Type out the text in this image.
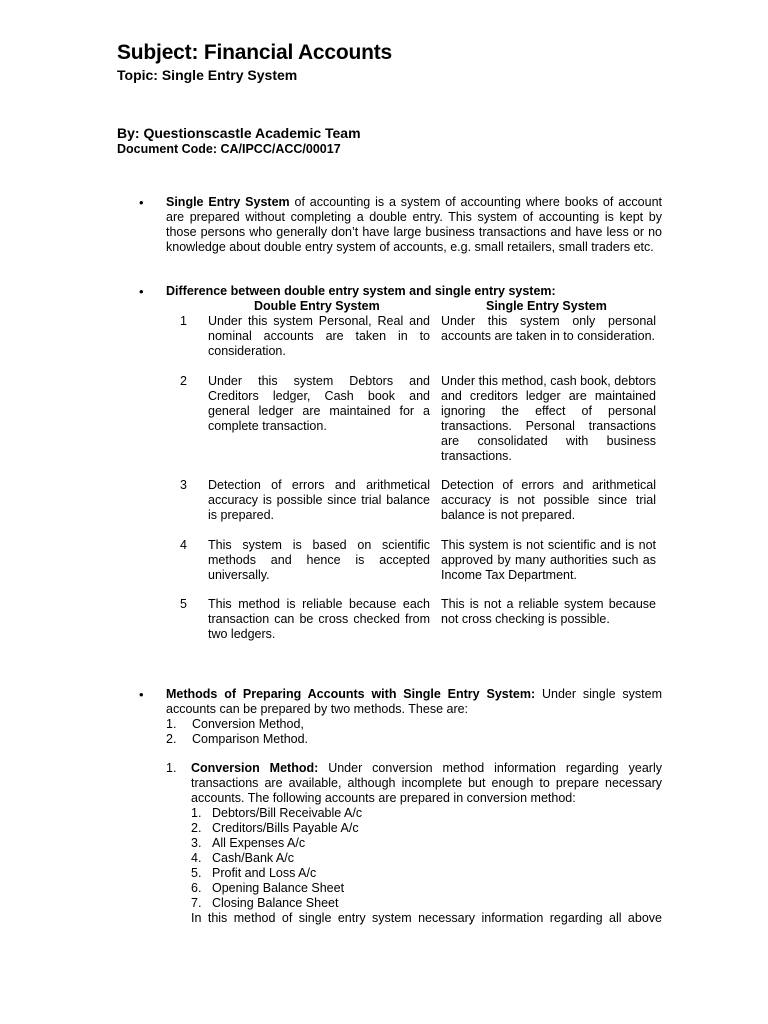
Subject: Financial Accounts
Topic: Single Entry System
By: Questionscastle Academic Team
Document Code: CA/IPCC/ACC/00017
• Single Entry System of accounting is a system of accounting where books of account are prepared without completing a double entry. This system of accounting is kept by those persons who generally don’t have large business transactions and have less or no knowledge about double entry system of accounts, e.g. small retailers, small traders etc.
• Difference between double entry system and single entry system:
Double Entry System	Single Entry System
1 Under this system Personal, Real and nominal accounts are taken in to consideration.
Under this system only personal accounts are taken in to consideration.
2 Under this system Debtors and Creditors ledger, Cash book and general ledger are maintained for a complete transaction.
Under this method, cash book, debtors and creditors ledger are maintained ignoring the effect of personal transactions. Personal transactions are consolidated with business transactions.
3 Detection of errors and arithmetical accuracy is possible since trial balance is prepared.
Detection of errors and arithmetical accuracy is not possible since trial balance is not prepared.
4 This system is based on scientific methods and hence is accepted universally.
This system is not scientific and is not approved by many authorities such as Income Tax Department.
5 This method is reliable because each transaction can be cross checked from two ledgers.
This is not a reliable system because not cross checking is possible.
• Methods of Preparing Accounts with Single Entry System: Under single system accounts can be prepared by two methods. These are:
1. Conversion Method,
2. Comparison Method.
1. Conversion Method: Under conversion method information regarding yearly transactions are available, although incomplete but enough to prepare necessary accounts. The following accounts are prepared in conversion method:
1. Debtors/Bill Receivable A/c
2. Creditors/Bills Payable A/c
3. All Expenses A/c
4. Cash/Bank A/c
5. Profit and Loss A/c
6. Opening Balance Sheet
7. Closing Balance Sheet
In this method of single entry system necessary information regarding all above
